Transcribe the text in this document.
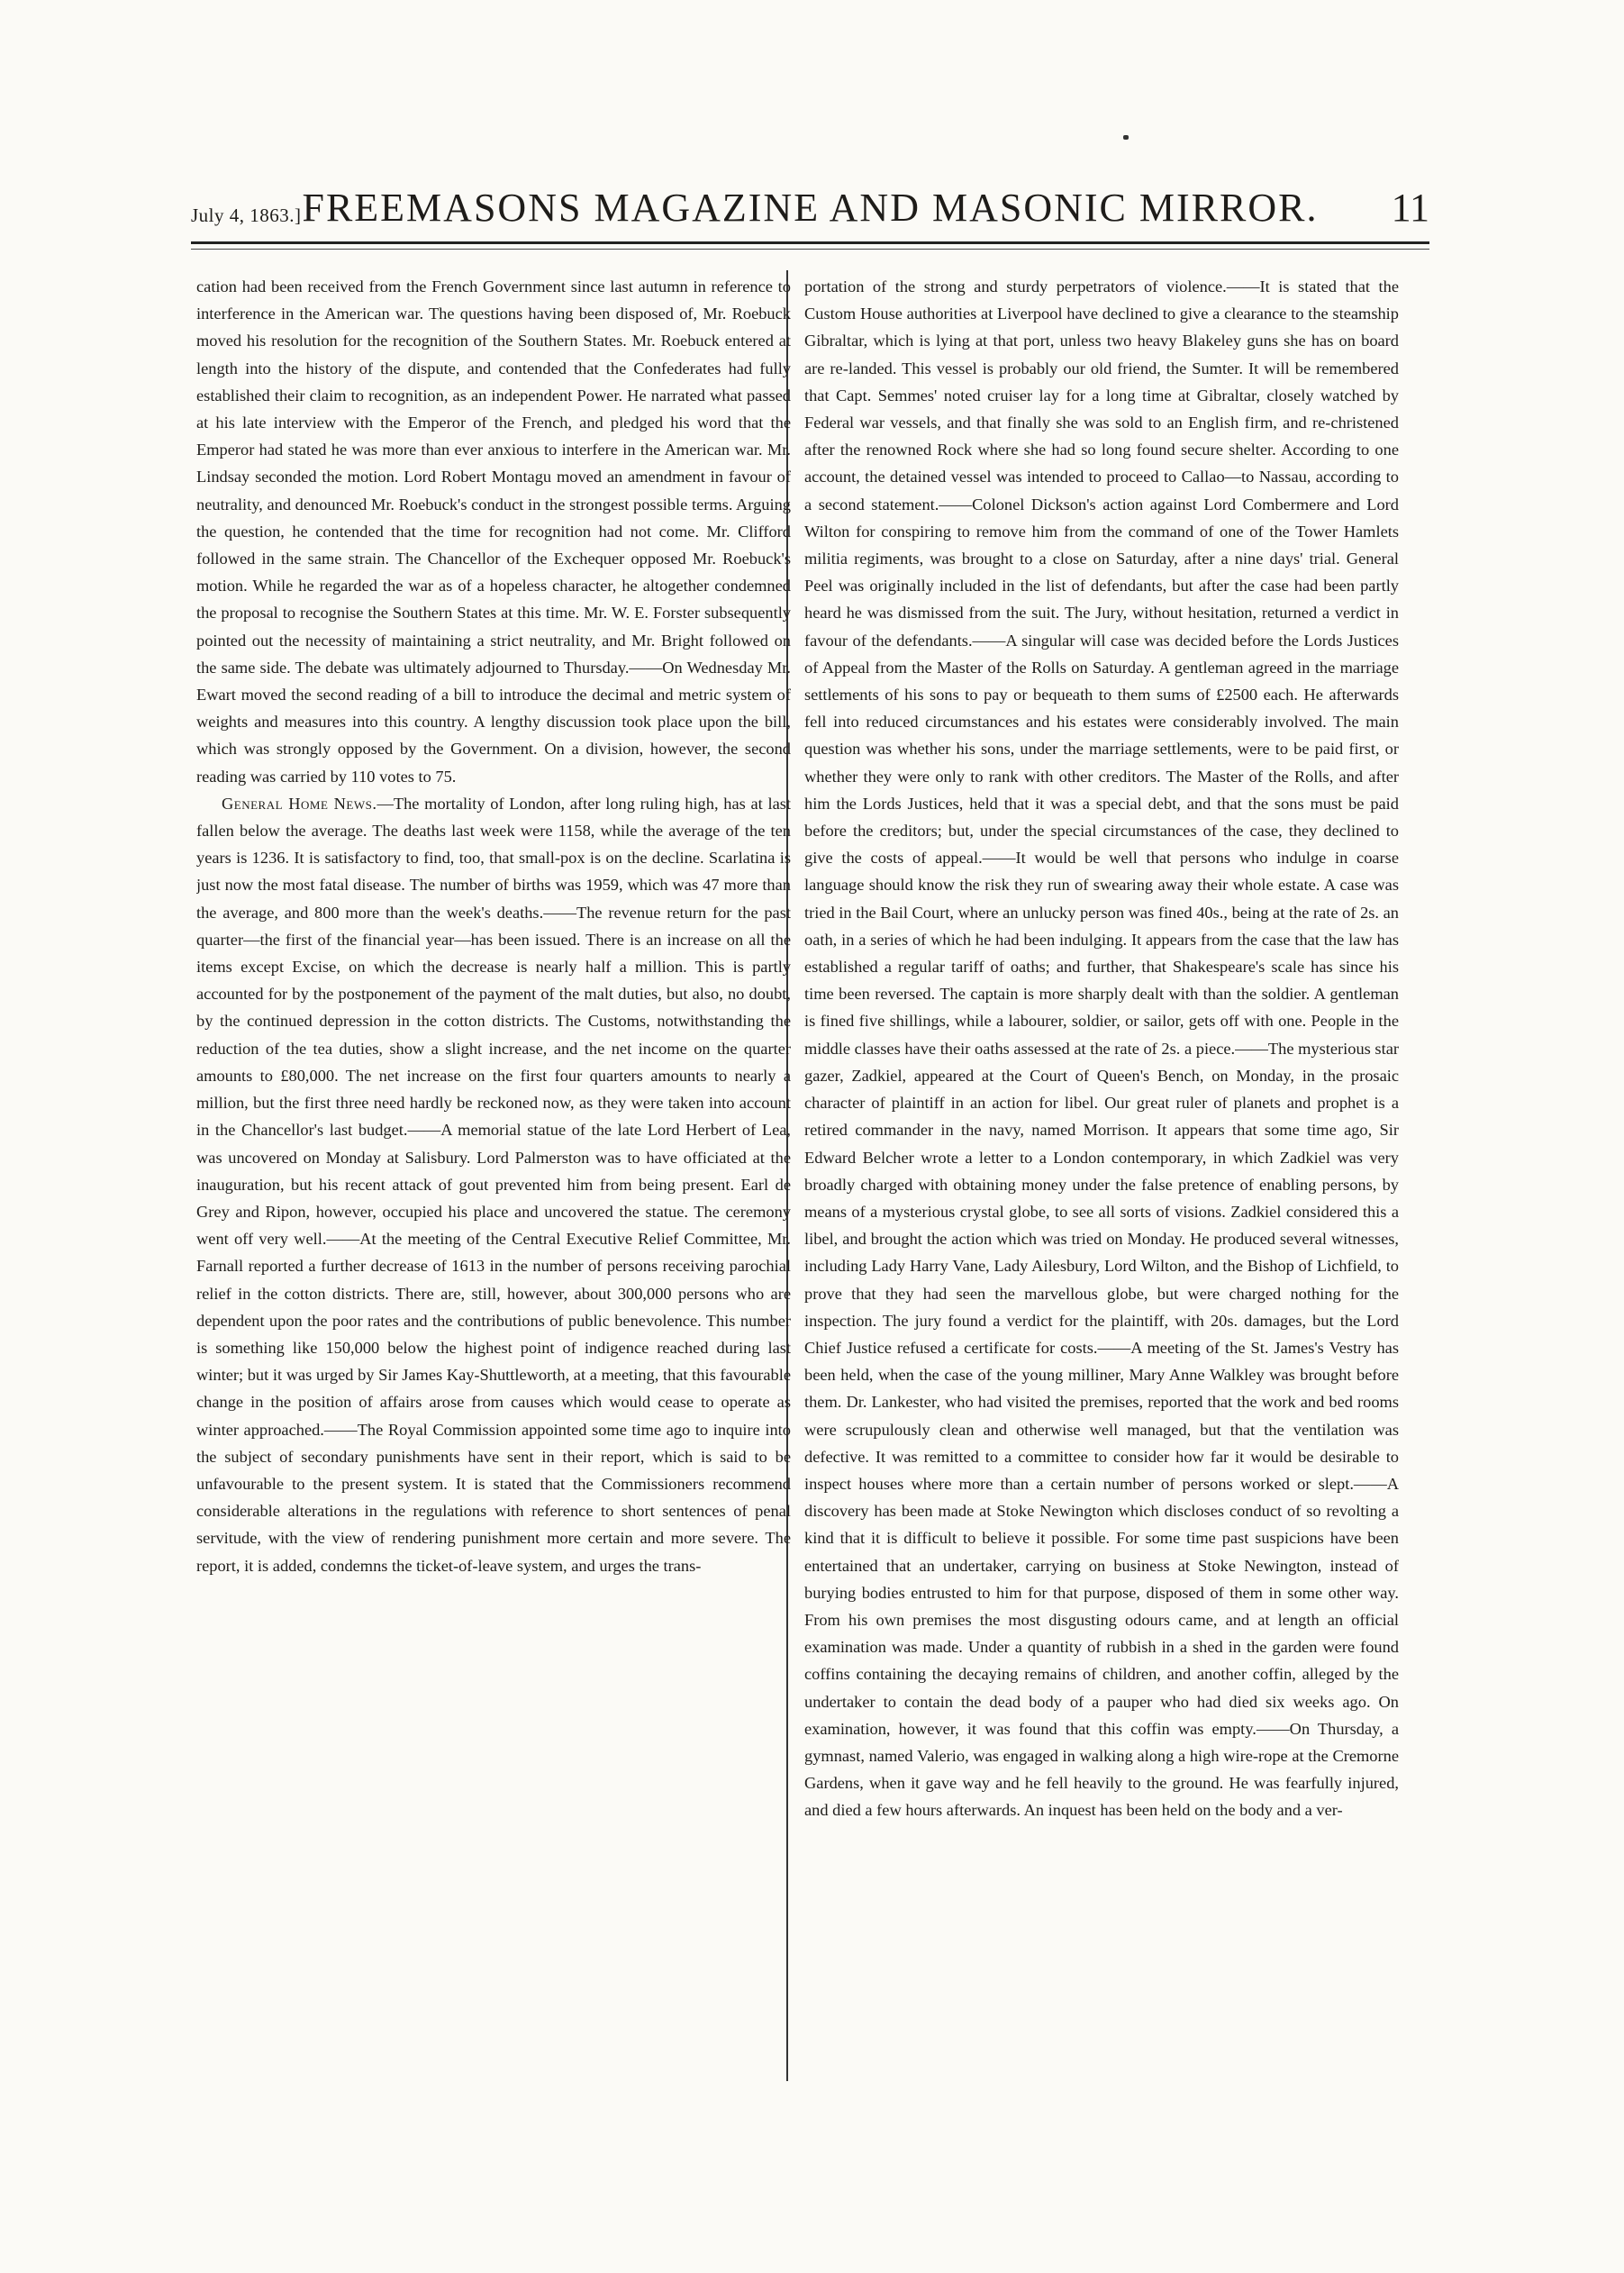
July 4, 1863.] FREEMASONS MAGAZINE AND MASONIC MIRROR.	11

cation had been received from the French Government since last autumn in reference to interference in the American war. The questions having been disposed of, Mr. Roebuck moved his resolution for the recognition of the Southern States. Mr. Roebuck entered at length into the history of the dispute, and contended that the Confederates had fully established their claim to recognition, as an independent Power. He narrated what passed at his late interview with the Emperor of the French, and pledged his word that the Emperor had stated he was more than ever anxious to interfere in the American war. Mr. Lindsay seconded the motion. Lord Robert Montagu moved an amendment in favour of neutrality, and denounced Mr. Roebuck's conduct in the strongest possible terms. Arguing the question, he contended that the time for recognition had not come. Mr. Clifford followed in the same strain. The Chancellor of the Exchequer opposed Mr. Roebuck's motion. While he regarded the war as of a hopeless character, he altogether condemned the proposal to recognise the Southern States at this time. Mr. W. E. Forster subsequently pointed out the necessity of maintaining a strict neutrality, and Mr. Bright followed on the same side. The debate was ultimately adjourned to Thursday.——On Wednesday Mr. Ewart moved the second reading of a bill to introduce the decimal and metric system of weights and measures into this country. A lengthy discussion took place upon the bill, which was strongly opposed by the Government. On a division, however, the second reading was carried by 110 votes to 75.

General Home News.—The mortality of London, after long ruling high, has at last fallen below the average. The deaths last week were 1158, while the average of the ten years is 1236. It is satisfactory to find, too, that small-pox is on the decline. Scarlatina is just now the most fatal disease. The number of births was 1959, which was 47 more than the average, and 800 more than the week's deaths.——The revenue return for the past quarter—the first of the financial year—has been issued. There is an increase on all the items except Excise, on which the decrease is nearly half a million. This is partly accounted for by the postponement of the payment of the malt duties, but also, no doubt, by the continued depression in the cotton districts. The Customs, notwithstanding the reduction of the tea duties, show a slight increase, and the net income on the quarter amounts to £80,000. The net increase on the first four quarters amounts to nearly a million, but the first three need hardly be reckoned now, as they were taken into account in the Chancellor's last budget.——A memorial statue of the late Lord Herbert of Lea, was uncovered on Monday at Salisbury. Lord Palmerston was to have officiated at the inauguration, but his recent attack of gout prevented him from being present. Earl de Grey and Ripon, however, occupied his place and uncovered the statue. The ceremony went off very well.——At the meeting of the Central Executive Relief Committee, Mr. Farnall reported a further decrease of 1613 in the number of persons receiving parochial relief in the cotton districts. There are, still, however, about 300,000 persons who are dependent upon the poor rates and the contributions of public benevolence. This number is something like 150,000 below the highest point of indigence reached during last winter; but it was urged by Sir James Kay-Shuttleworth, at a meeting, that this favourable change in the position of affairs arose from causes which would cease to operate as winter approached.——The Royal Commission appointed some time ago to inquire into the subject of secondary punishments have sent in their report, which is said to be unfavourable to the present system. It is stated that the Commissioners recommend considerable alterations in the regulations with reference to short sentences of penal servitude, with the view of rendering punishment more certain and more severe. The report, it is added, condemns the ticket-of-leave system, and urges the trans-

portation of the strong and sturdy perpetrators of violence.——It is stated that the Custom House authorities at Liverpool have declined to give a clearance to the steamship Gibraltar, which is lying at that port, unless two heavy Blakeley guns she has on board are re-landed. This vessel is probably our old friend, the Sumter. It will be remembered that Capt. Semmes' noted cruiser lay for a long time at Gibraltar, closely watched by Federal war vessels, and that finally she was sold to an English firm, and re-christened after the renowned Rock where she had so long found secure shelter. According to one account, the detained vessel was intended to proceed to Callao—to Nassau, according to a second statement.——Colonel Dickson's action against Lord Combermere and Lord Wilton for conspiring to remove him from the command of one of the Tower Hamlets militia regiments, was brought to a close on Saturday, after a nine days' trial. General Peel was originally included in the list of defendants, but after the case had been partly heard he was dismissed from the suit. The Jury, without hesitation, returned a verdict in favour of the defendants.——A singular will case was decided before the Lords Justices of Appeal from the Master of the Rolls on Saturday. A gentleman agreed in the marriage settlements of his sons to pay or bequeath to them sums of £2500 each. He afterwards fell into reduced circumstances and his estates were considerably involved. The main question was whether his sons, under the marriage settlements, were to be paid first, or whether they were only to rank with other creditors. The Master of the Rolls, and after him the Lords Justices, held that it was a special debt, and that the sons must be paid before the creditors; but, under the special circumstances of the case, they declined to give the costs of appeal.——It would be well that persons who indulge in coarse language should know the risk they run of swearing away their whole estate. A case was tried in the Bail Court, where an unlucky person was fined 40s., being at the rate of 2s. an oath, in a series of which he had been indulging. It appears from the case that the law has established a regular tariff of oaths; and further, that Shakespeare's scale has since his time been reversed. The captain is more sharply dealt with than the soldier. A gentleman is fined five shillings, while a labourer, soldier, or sailor, gets off with one. People in the middle classes have their oaths assessed at the rate of 2s. a piece.——The mysterious star gazer, Zadkiel, appeared at the Court of Queen's Bench, on Monday, in the prosaic character of plaintiff in an action for libel. Our great ruler of planets and prophet is a retired commander in the navy, named Morrison. It appears that some time ago, Sir Edward Belcher wrote a letter to a London contemporary, in which Zadkiel was very broadly charged with obtaining money under the false pretence of enabling persons, by means of a mysterious crystal globe, to see all sorts of visions. Zadkiel considered this a libel, and brought the action which was tried on Monday. He produced several witnesses, including Lady Harry Vane, Lady Ailesbury, Lord Wilton, and the Bishop of Lichfield, to prove that they had seen the marvellous globe, but were charged nothing for the inspection. The jury found a verdict for the plaintiff, with 20s. damages, but the Lord Chief Justice refused a certificate for costs.——A meeting of the St. James's Vestry has been held, when the case of the young milliner, Mary Anne Walkley was brought before them. Dr. Lankester, who had visited the premises, reported that the work and bed rooms were scrupulously clean and otherwise well managed, but that the ventilation was defective. It was remitted to a committee to consider how far it would be desirable to inspect houses where more than a certain number of persons worked or slept.——A discovery has been made at Stoke Newington which discloses conduct of so revolting a kind that it is difficult to believe it possible. For some time past suspicions have been entertained that an undertaker, carrying on business at Stoke Newington, instead of burying bodies entrusted to him for that purpose, disposed of them in some other way. From his own premises the most disgusting odours came, and at length an official examination was made. Under a quantity of rubbish in a shed in the garden were found coffins containing the decaying remains of children, and another coffin, alleged by the undertaker to contain the dead body of a pauper who had died six weeks ago. On examination, however, it was found that this coffin was empty.——On Thursday, a gymnast, named Valerio, was engaged in walking along a high wire-rope at the Cremorne Gardens, when it gave way and he fell heavily to the ground. He was fearfully injured, and died a few hours afterwards. An inquest has been held on the body and a ver-
